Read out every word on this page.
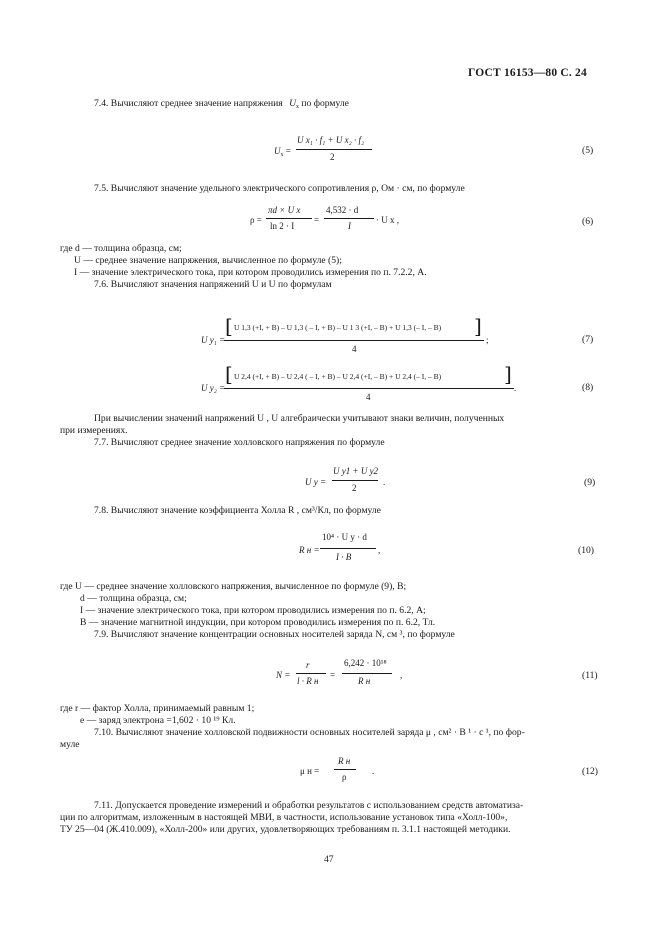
ГОСТ 16153—80 С. 24
7.4. Вычисляют среднее значение напряжения $U_x$ по формуле
$U_x$ =
U x₁ · f₁ + U x₂ · f₂
2
(5)
7.5. Вычисляют значение удельного электрического сопротивления ρ, Ом · см, по формуле
ρ =
πd × U x
ln 2 · I
=
4,532 · d
I
· U x ,	(6)
где d — толщина образца, см;
U — среднее значение напряжения, вычисленное по формуле (5);
I — значение электрического тока, при котором проводились измерения по п. 7.2.2, А.
7.6. Вычисляют значения напряжений U и U по формулам
U y₁ =
[ U 1,3 (+I, + B) – U 1,3 ( – I, + B) – U 1 3 (+I, – B) + U 1,3 (– I, – B) ]
4
;	(7)
U y₂ =
[ U 2,4 (+I, + B) – U 2,4 ( – I, + B) – U 2,4 (+I, – B) + U 2,4 (– I, – B)	]
4
.	(8)
При вычислении значений напряжений U , U алгебраически учитывают знаки величин, полученных
при измерениях.
7.7. Вычисляют среднее значение холловского напряжения по формуле
U y =
U y1 + U y2
2
.	(9)
7.8. Вычисляют значение коэффициента Холла R , см³/Кл, по формуле
R н =
10⁴ · U y · d
I · B
,	(10)
где U — среднее значение холловского напряжения, вычисленное по формуле (9), В;
d — толщина образца, см;
I — значение электрического тока, при котором проводились измерения по п. 6.2, А;
B — значение магнитной индукции, при котором проводились измерения по п. 6.2, Тл.
7.9. Вычисляют значение концентрации основных носителей заряда N, см ³, по формуле
N =
r
l · R н
=
6,242 · 10¹⁸
R н
,	(11)
где r — фактор Холла, принимаемый равным 1;
e — заряд электрона =1,602 · 10 ¹⁹ Кл.
7.10. Вычисляют значение холловской подвижности основных носителей заряда μ , см² · В ¹ · с ¹, по фор-
муле
μ н =
R н
ρ
.	(12)
7.11. Допускается проведение измерений и обработки результатов с использованием средств автоматиза-
ции по алгоритмам, изложенным в настоящей МВИ, в частности, использование установок типа «Холл-100»,
ТУ 25—04 (Ж.410.009), «Холл-200» или других, удовлетворяющих требованиям п. 3.1.1 настоящей методики.
47
